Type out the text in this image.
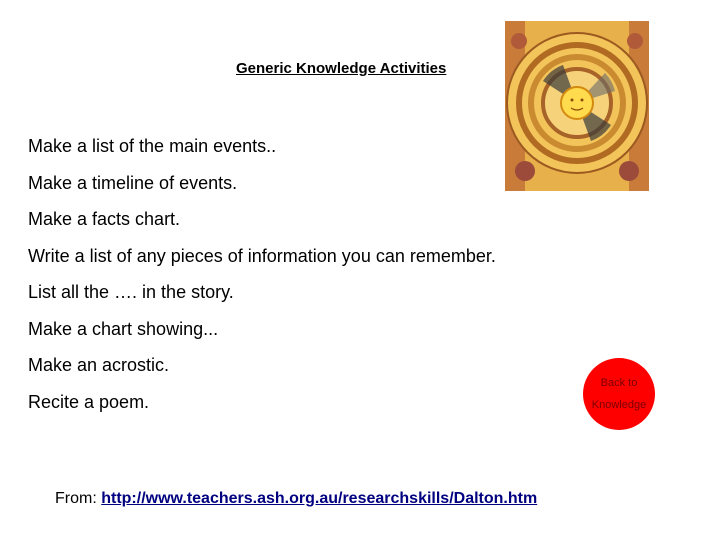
Generic Knowledge Activities
Make a list of the main events..
Make a timeline of events.
Make a facts chart.
Write a list of any pieces of information you can remember.
List all the …. in the story.
Make a chart showing...
Make an acrostic.
Recite a poem.
Back to
Knowledge
From: http://www.teachers.ash.org.au/researchskills/Dalton.htm
